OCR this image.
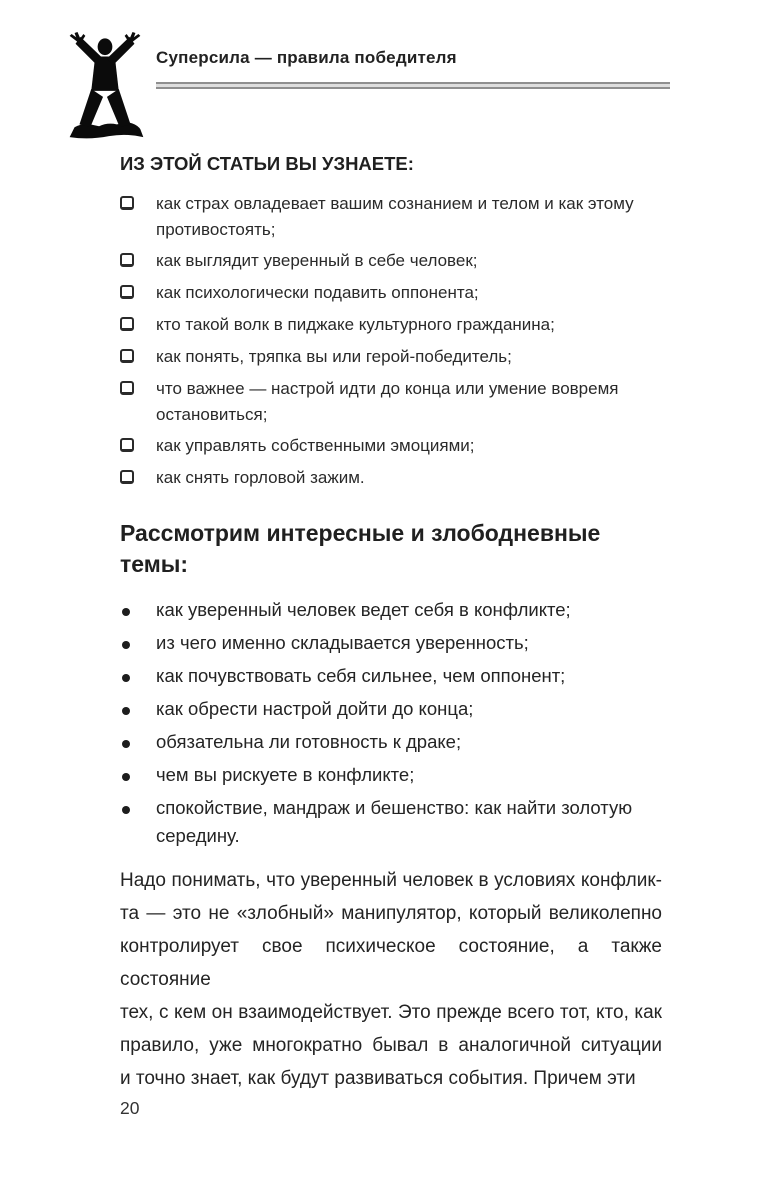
Суперсила — правила победителя
ИЗ ЭТОЙ СТАТЬИ ВЫ УЗНАЕТЕ:
как страх овладевает вашим сознанием и телом и как этому противостоять;
как выглядит уверенный в себе человек;
как психологически подавить оппонента;
кто такой волк в пиджаке культурного гражданина;
как понять, тряпка вы или герой-победитель;
что важнее — настрой идти до конца или умение вовремя остановиться;
как управлять собственными эмоциями;
как снять горловой зажим.
Рассмотрим интересные и злободневные темы:
как уверенный человек ведет себя в конфликте;
из чего именно складывается уверенность;
как почувствовать себя сильнее, чем оппонент;
как обрести настрой дойти до конца;
обязательна ли готовность к драке;
чем вы рискуете в конфликте;
спокойствие, мандраж и бешенство: как найти золотую середину.
Надо понимать, что уверенный человек в условиях конфлик-
та — это не «злобный» манипулятор, который великолепно
контролирует свое психическое состояние, а также состояние
тех, с кем он взаимодействует. Это прежде всего тот, кто, как
правило, уже многократно бывал в аналогичной ситуации
и точно знает, как будут развиваться события. Причем эти
20
